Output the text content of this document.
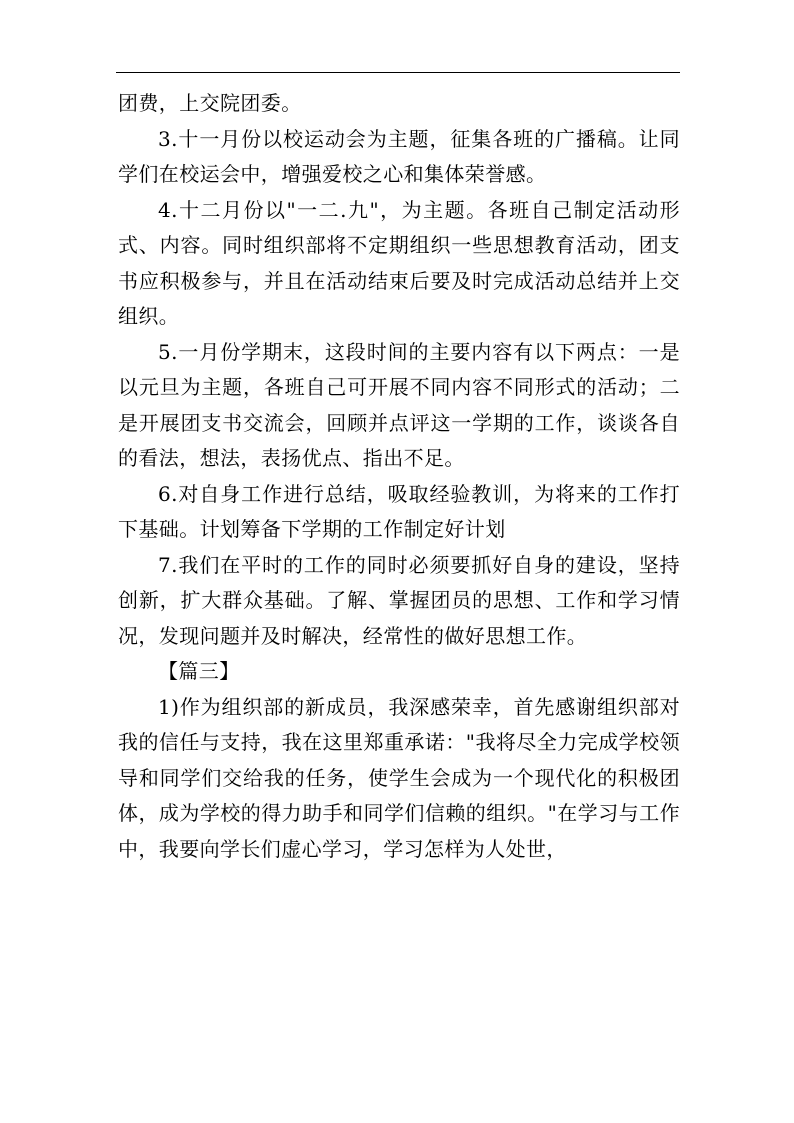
团费，上交院团委。

3.十一月份以校运动会为主题，征集各班的广播稿。让同学们在校运会中，增强爱校之心和集体荣誉感。

4.十二月份以"一二.九"，为主题。各班自己制定活动形式、内容。同时组织部将不定期组织一些思想教育活动，团支书应积极参与，并且在活动结束后要及时完成活动总结并上交组织。

5.一月份学期末，这段时间的主要内容有以下两点：一是以元旦为主题，各班自己可开展不同内容不同形式的活动；二是开展团支书交流会，回顾并点评这一学期的工作，谈谈各自的看法，想法，表扬优点、指出不足。

6.对自身工作进行总结，吸取经验教训，为将来的工作打下基础。计划筹备下学期的工作制定好计划

7.我们在平时的工作的同时必须要抓好自身的建设，坚持创新，扩大群众基础。了解、掌握团员的思想、工作和学习情况，发现问题并及时解决，经常性的做好思想工作。

【篇三】

1)作为组织部的新成员，我深感荣幸，首先感谢组织部对我的信任与支持，我在这里郑重承诺："我将尽全力完成学校领导和同学们交给我的任务，使学生会成为一个现代化的积极团体，成为学校的得力助手和同学们信赖的组织。"在学习与工作中，我要向学长们虚心学习，学习怎样为人处世，
